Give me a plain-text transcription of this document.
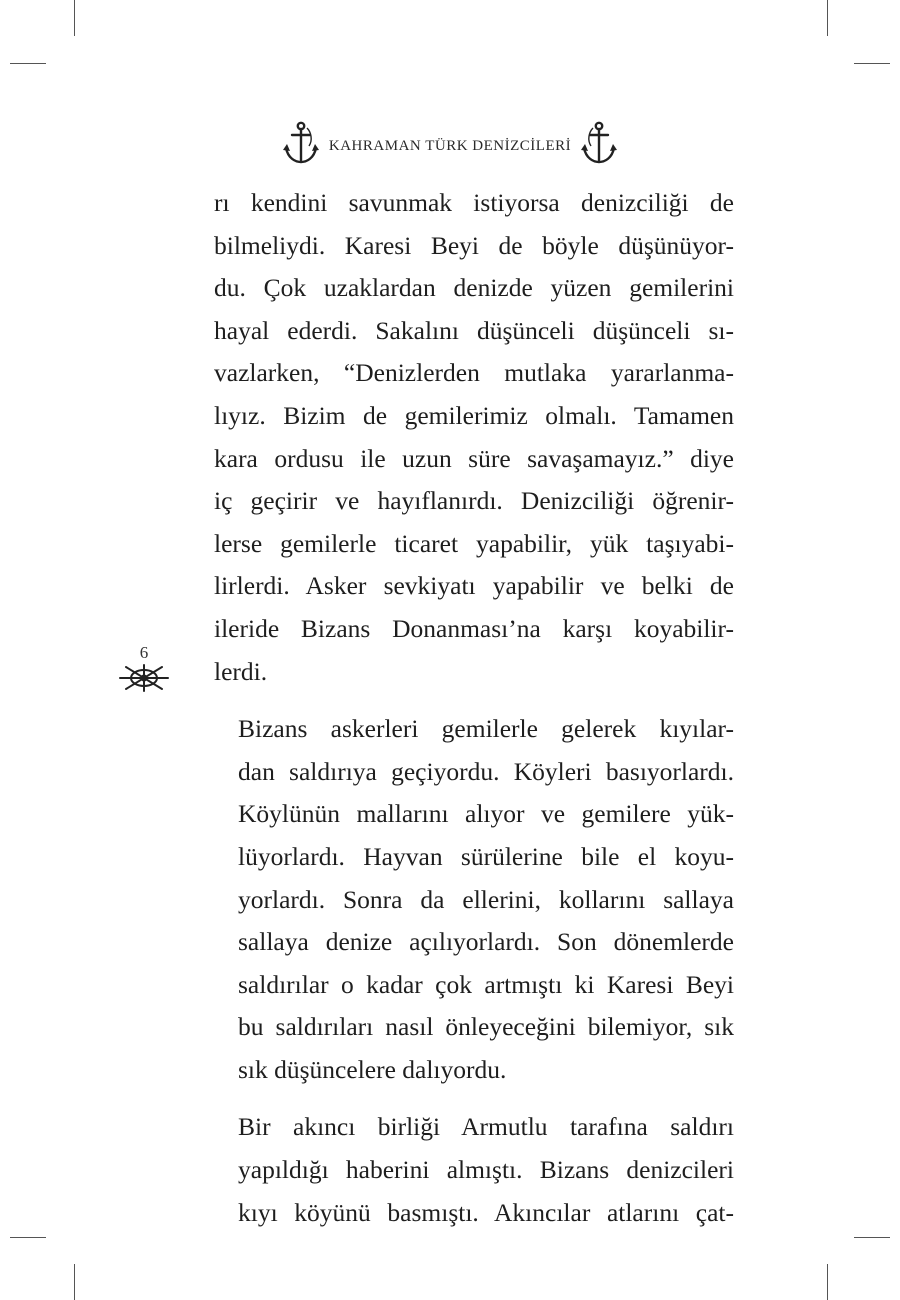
KAHRAMAN TÜRK DENİZCİLERİ
6

rı kendini savunmak istiyorsa denizciliği de
bilmeliydi. Karesi Beyi de böyle düşünüyor-
du. Çok uzaklardan denizde yüzen gemilerini
hayal ederdi. Sakalını düşünceli düşünceli sı-
vazlarken, “Denizlerden mutlaka yararlanma-
lıyız. Bizim de gemilerimiz olmalı. Tamamen
kara ordusu ile uzun süre savaşamayız.” diye
iç geçirir ve hayıflanırdı. Denizciliği öğrenir-
lerse gemilerle ticaret yapabilir, yük taşıyabi-
lirlerdi. Asker sevkiyatı yapabilir ve belki de
ileride Bizans Donanması’na karşı koyabilir-
lerdi.

Bizans askerleri gemilerle gelerek kıyılar-
dan saldırıya geçiyordu. Köyleri basıyorlardı.
Köylünün mallarını alıyor ve gemilere yük-
lüyorlardı. Hayvan sürülerine bile el koyu-
yorlardı. Sonra da ellerini, kollarını sallaya
sallaya denize açılıyorlardı. Son dönemlerde
saldırılar o kadar çok artmıştı ki Karesi Beyi
bu saldırıları nasıl önleyeceğini bilemiyor, sık
sık düşüncelere dalıyordu.

Bir akıncı birliği Armutlu tarafına saldırı
yapıldığı haberini almıştı. Bizans denizcileri
kıyı köyünü basmıştı. Akıncılar atlarını çat-
